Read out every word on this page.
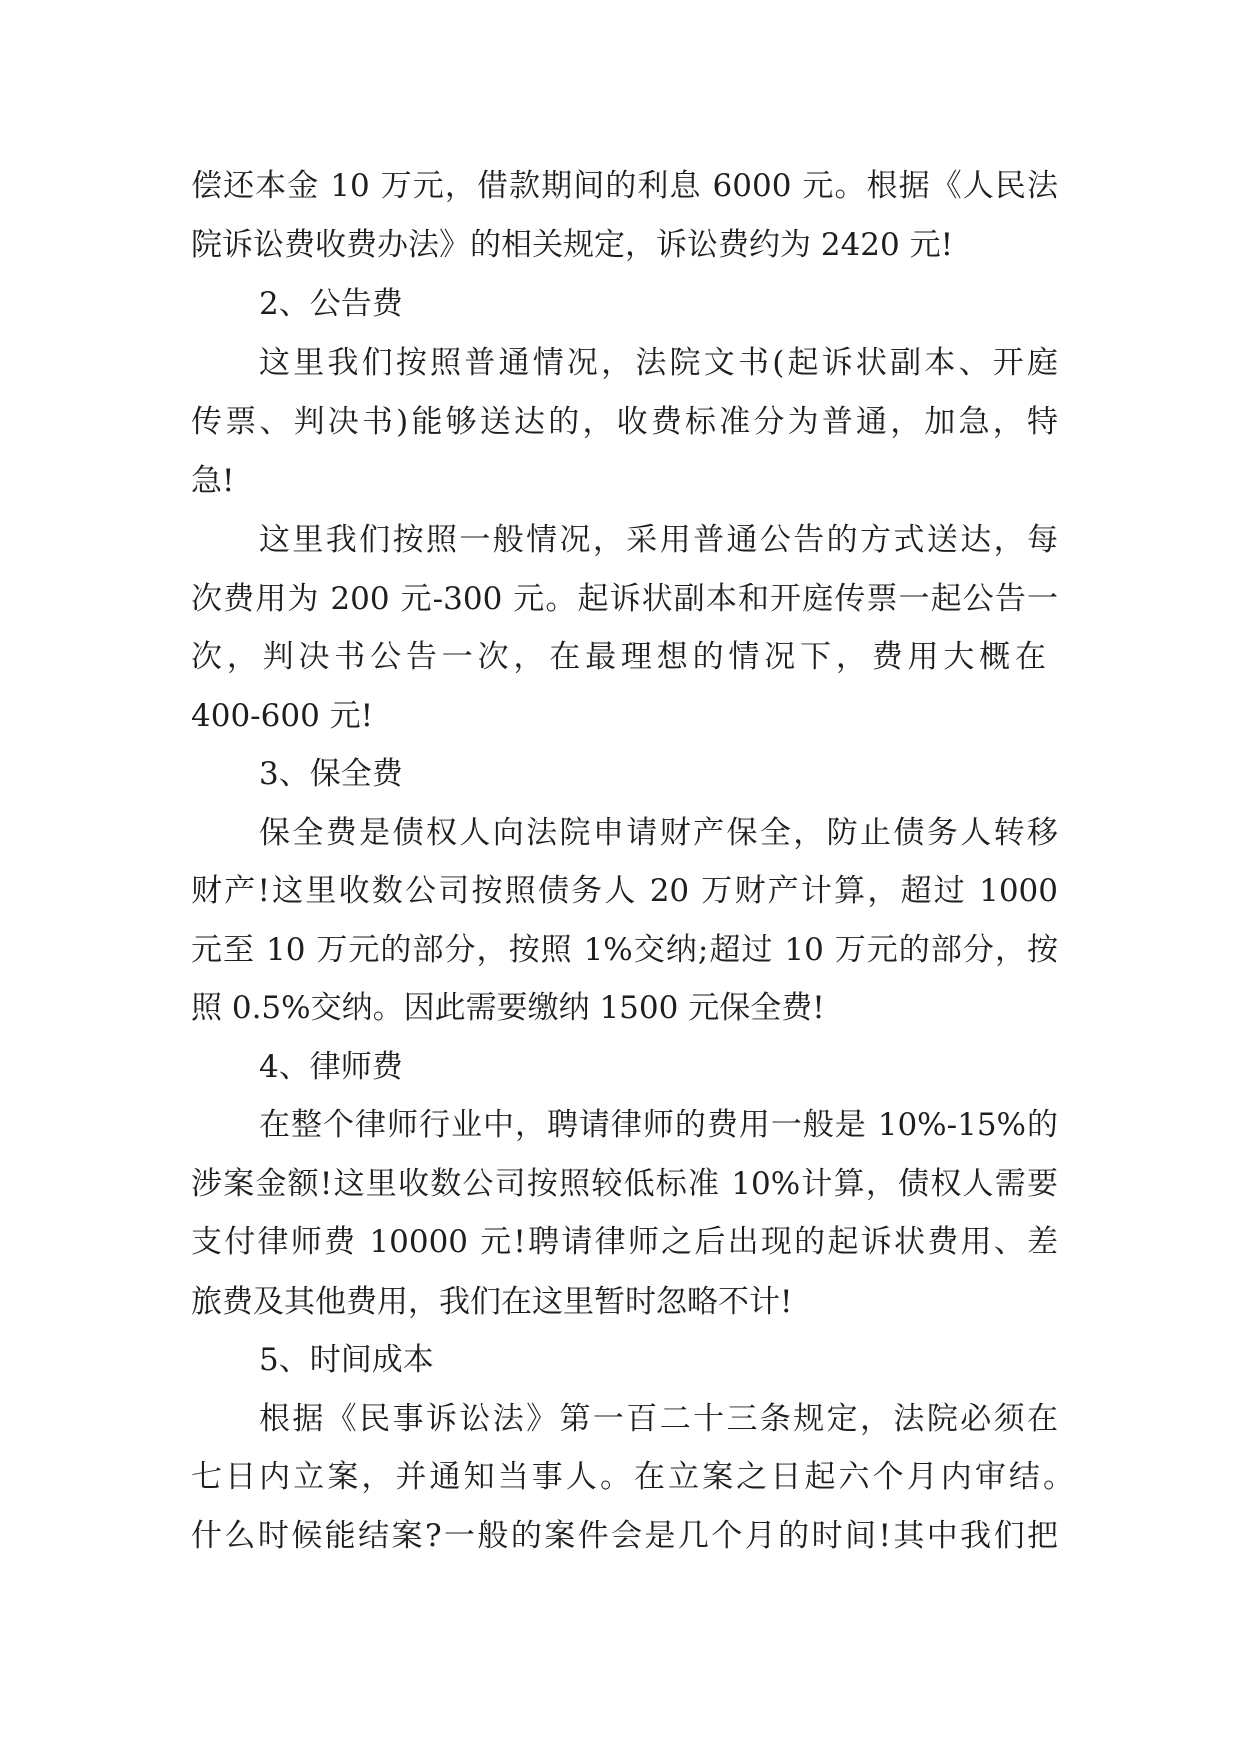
偿还本金 10 万元，借款期间的利息 6000 元。根据《人民法
院诉讼费收费办法》的相关规定，诉讼费约为 2420 元!
2、公告费
这里我们按照普通情况，法院文书(起诉状副本、开庭
传票、判决书)能够送达的，收费标准分为普通，加急，特
急!
这里我们按照一般情况，采用普通公告的方式送达，每
次费用为 200 元-300 元。起诉状副本和开庭传票一起公告一
次，判决书公告一次，在最理想的情况下，费用大概在
400-600 元!
3、保全费
保全费是债权人向法院申请财产保全，防止债务人转移
财产!这里收数公司按照债务人 20 万财产计算，超过 1000
元至 10 万元的部分，按照 1%交纳;超过 10 万元的部分，按
照 0.5%交纳。因此需要缴纳 1500 元保全费!
4、律师费
在整个律师行业中，聘请律师的费用一般是 10%-15%的
涉案金额!这里收数公司按照较低标准 10%计算，债权人需要
支付律师费 10000 元!聘请律师之后出现的起诉状费用、差
旅费及其他费用，我们在这里暂时忽略不计!
5、时间成本
根据《民事诉讼法》第一百二十三条规定，法院必须在
七日内立案，并通知当事人。在立案之日起六个月内审结。
什么时候能结案?一般的案件会是几个月的时间!其中我们把
